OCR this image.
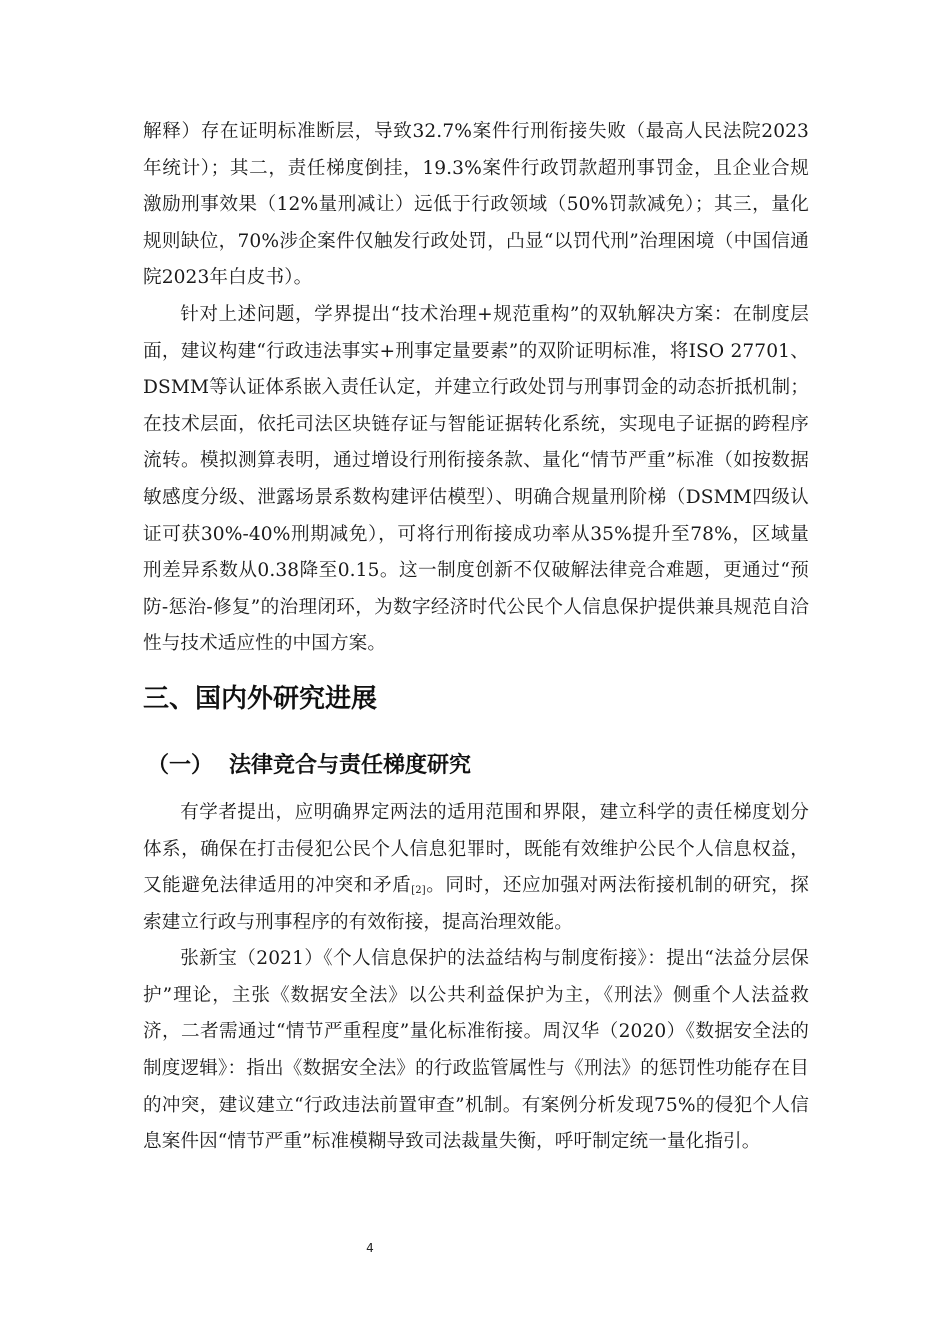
解释）存在证明标准断层，导致32.7%案件行刑衔接失败（最高人民法院2023年统计）；其二，责任梯度倒挂，19.3%案件行政罚款超刑事罚金，且企业合规激励刑事效果（12%量刑减让）远低于行政领域（50%罚款减免）；其三，量化规则缺位，70%涉企案件仅触发行政处罚，凸显“以罚代刑”治理困境（中国信通院2023年白皮书）。

针对上述问题，学界提出“技术治理+规范重构”的双轨解决方案：在制度层面，建议构建“行政违法事实+刑事定量要素”的双阶证明标准，将ISO 27701、DSMM等认证体系嵌入责任认定，并建立行政处罚与刑事罚金的动态折抵机制；在技术层面，依托司法区块链存证与智能证据转化系统，实现电子证据的跨程序流转。模拟测算表明，通过增设行刑衔接条款、量化“情节严重”标准（如按数据敏感度分级、泄露场景系数构建评估模型）、明确合规量刑阶梯（DSMM四级认证可获30%-40%刑期减免），可将行刑衔接成功率从35%提升至78%，区域量刑差异系数从0.38降至0.15。这一制度创新不仅破解法律竞合难题，更通过“预防-惩治-修复”的治理闭环，为数字经济时代公民个人信息保护提供兼具规范自洽性与技术适应性的中国方案。

三、国内外研究进展
（一） 法律竞合与责任梯度研究

有学者提出，应明确界定两法的适用范围和界限，建立科学的责任梯度划分体系，确保在打击侵犯公民个人信息犯罪时，既能有效维护公民个人信息权益，又能避免法律适用的冲突和矛盾[2]。同时，还应加强对两法衔接机制的研究，探索建立行政与刑事程序的有效衔接，提高治理效能。

张新宝（2021）《个人信息保护的法益结构与制度衔接》：提出“法益分层保护”理论，主张《数据安全法》以公共利益保护为主，《刑法》侧重个人法益救济，二者需通过“情节严重程度”量化标准衔接。周汉华（2020）《数据安全法的制度逻辑》：指出《数据安全法》的行政监管属性与《刑法》的惩罚性功能存在目的冲突，建议建立“行政违法前置审查”机制。有案例分析发现75%的侵犯个人信息案件因“情节严重”标准模糊导致司法裁量失衡，呼吁制定统一量化指引。

4
